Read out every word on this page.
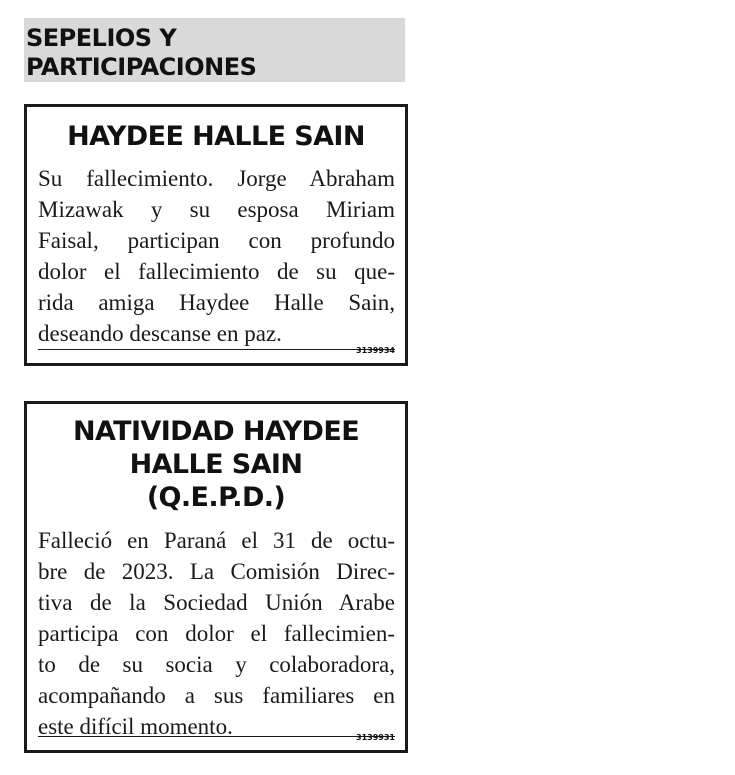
SEPELIOS Y
PARTICIPACIONES
HAYDEE HALLE SAIN
Su fallecimiento. Jorge Abraham
Mizawak y su esposa Miriam
Faisal, participan con profundo
dolor el fallecimiento de su que-
rida amiga Haydee Halle Sain,
deseando descanse en paz.
3139934
NATIVIDAD HAYDEE
HALLE SAIN
(Q.E.P.D.)
Falleció en Paraná el 31 de octu-
bre de 2023. La Comisión Direc-
tiva de la Sociedad Unión Arabe
participa con dolor el fallecimien-
to de su socia y colaboradora,
acompañando a sus familiares en
este difícil momento.	3139931
